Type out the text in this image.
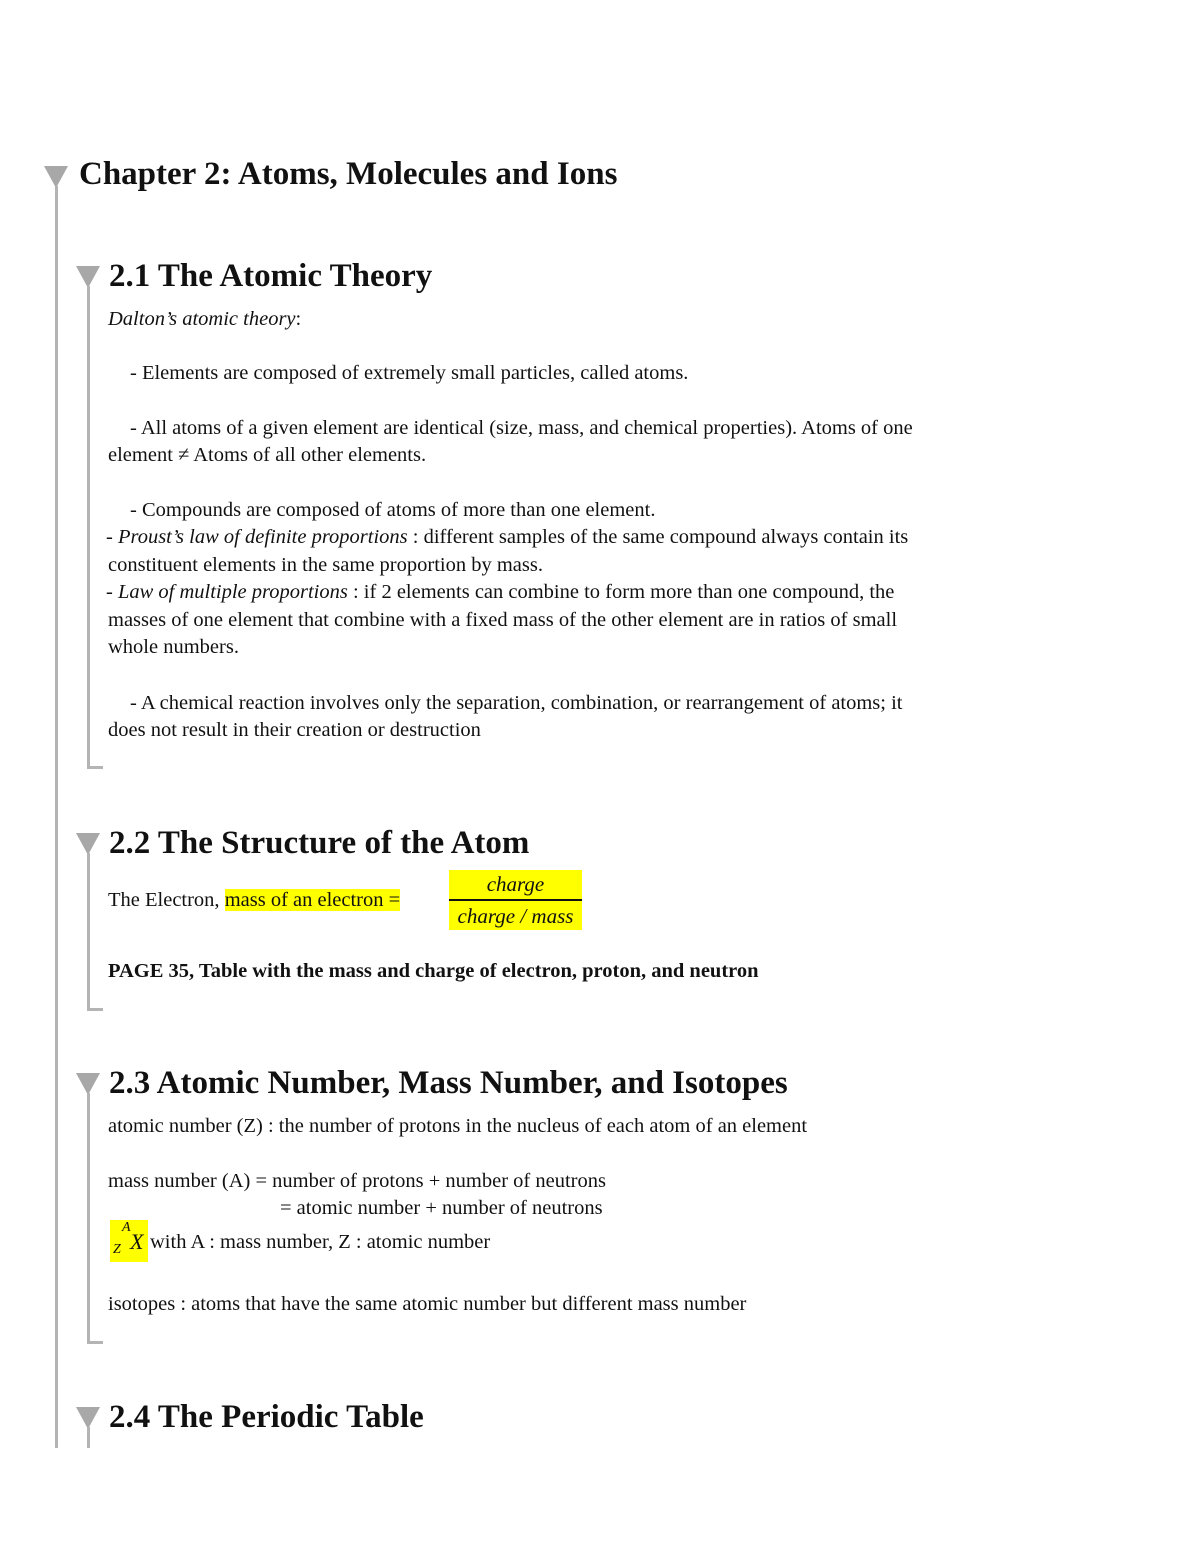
Chapter 2: Atoms, Molecules and Ions
2.1 The Atomic Theory
Dalton’s atomic theory:
- Elements are composed of extremely small particles, called atoms.
- All atoms of a given element are identical (size, mass, and chemical properties). Atoms of one
element ≠ Atoms of all other elements.
- Compounds are composed of atoms of more than one element.
- Proust’s law of definite proportions : different samples of the same compound always contain its
constituent elements in the same proportion by mass.
- Law of multiple proportions : if 2 elements can combine to form more than one compound, the
masses of one element that combine with a fixed mass of the other element are in ratios of small
whole numbers.
- A chemical reaction involves only the separation, combination, or rearrangement of atoms; it
does not result in their creation or destruction
2.2 The Structure of the Atom
The Electron, mass of an electron =
charge
charge / mass
PAGE 35, Table with the mass and charge of electron, proton, and neutron
2.3 Atomic Number, Mass Number, and Isotopes
atomic number (Z) : the number of protons in the nucleus of each atom of an element
mass number (A) = number of protons + number of neutrons
= atomic number + number of neutrons
A
X
Z with A : mass number, Z : atomic number
isotopes : atoms that have the same atomic number but different mass number
2.4 The Periodic Table
